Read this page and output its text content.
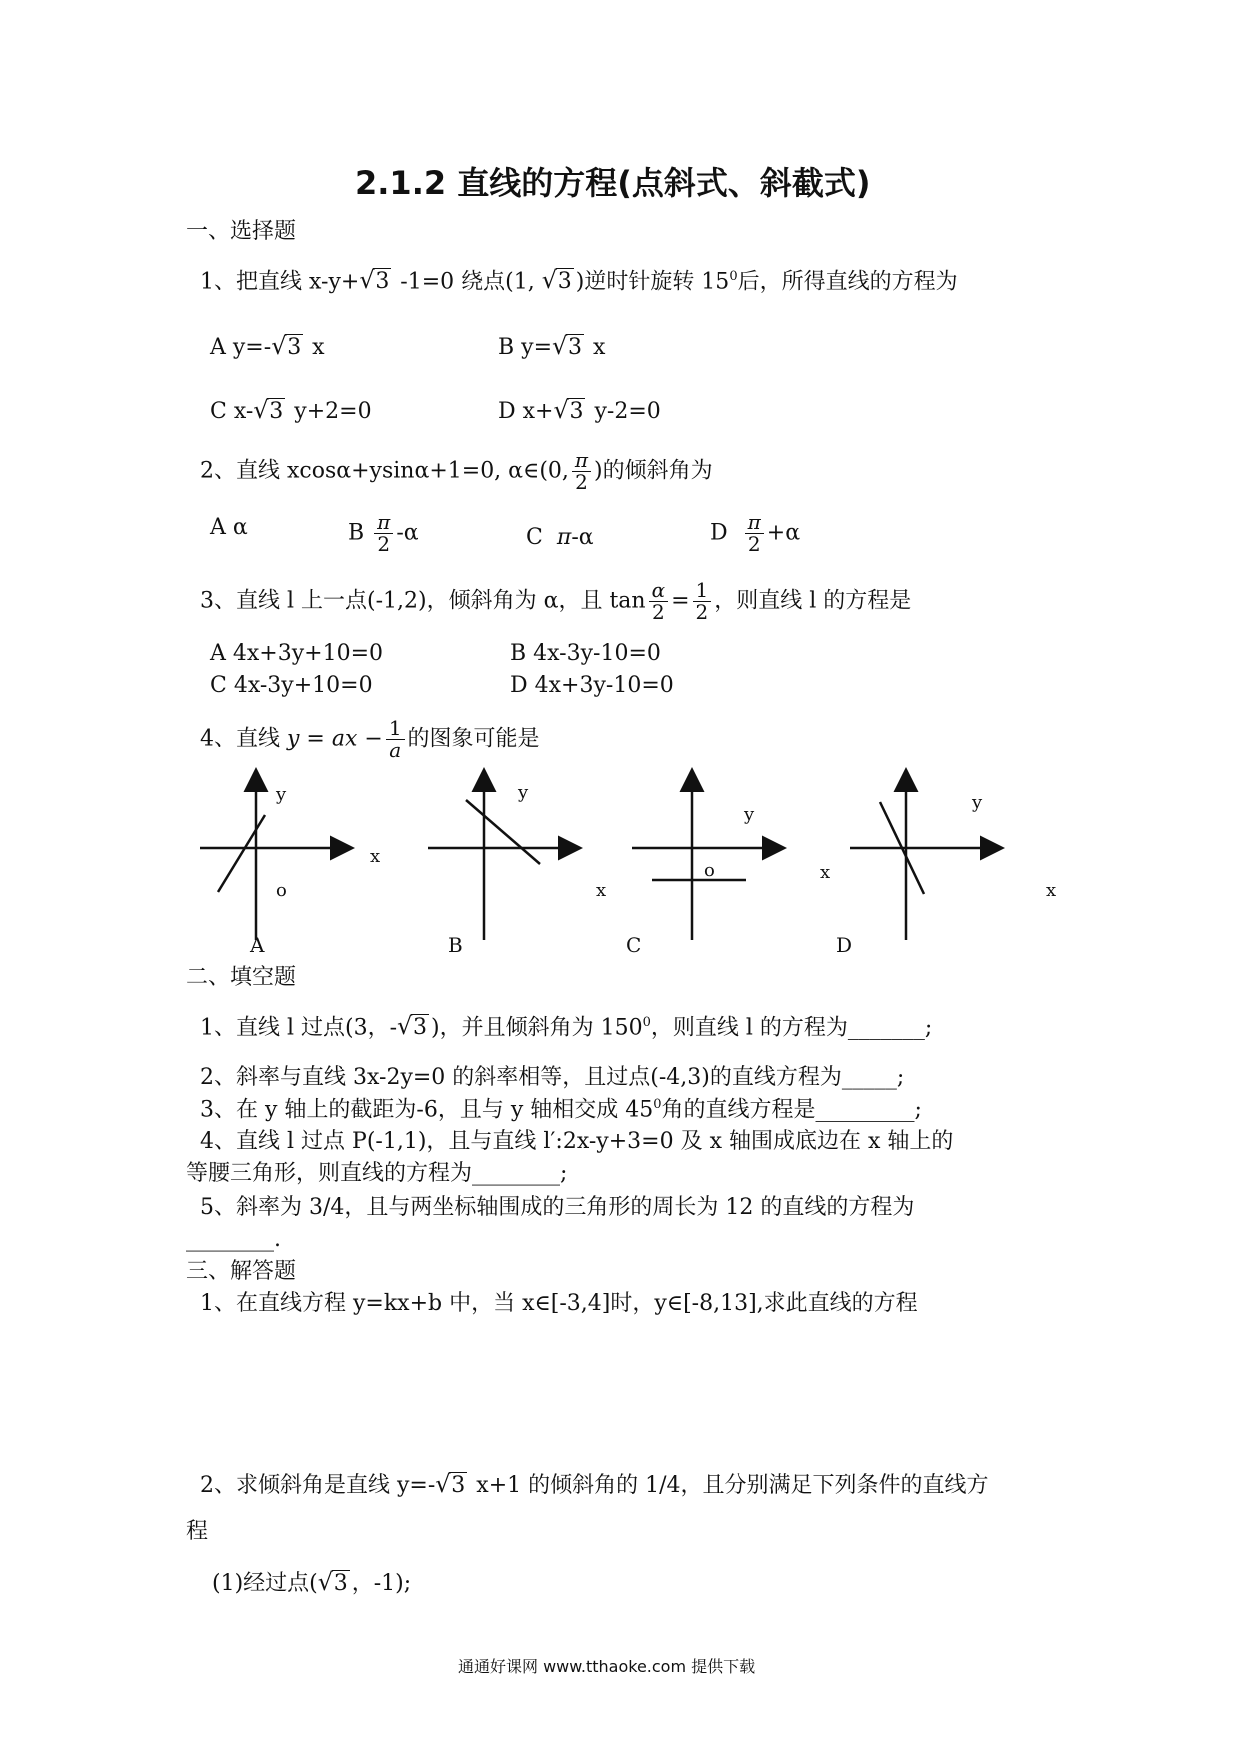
2.1.2 直线的方程(点斜式、斜截式)
一、选择题
1、把直线 x-y+ √ 3 -1=0 绕点(1, √ 3 )逆时针旋转 $15^0$后，所得直线的方程为
A y=- √ 3 x	B y= √ 3 x
C x- √ 3 y+2=0	D x+ √ 3 y-2=0
2、直线 xcosα+ysinα+1=0, α∈(0, $\frac{\pi}{2}$ )的倾斜角为
A α	B $\frac{\pi}{2} -\alpha$	C π-α	D $\frac{\pi}{2} +\alpha$
3、直线 l 上一点(-1,2)，倾斜角为 α，且 $\tan \frac{\alpha}{2} = \frac{1}{2}$ ，则直线 l 的方程是
A 4x+3y+10=0	B 4x-3y-10=0
C 4x-3y+10=0	D 4x+3y-10=0
4、直线 y = ax − $\frac{1}{a}$ 的图象可能是
y
x
o
A
y
x
B
y
o
C
y
x
x
D
二、填空题
1、直线 l 过点(3，- √ 3 )，并且倾斜角为 $150^0$，则直线 l 的方程为_______;
2、斜率与直线 3x-2y=0 的斜率相等，且过点(-4,3)的直线方程为_____;
3、在 y 轴上的截距为-6，且与 y 轴相交成 $45^0$角的直线方程是_________;
4、直线 l 过点 P(-1,1)，且与直线 l′:2x-y+3=0 及 x 轴围成底边在 x 轴上的
等腰三角形，则直线的方程为________;
5、斜率为 3/4，且与两坐标轴围成的三角形的周长为 12 的直线的方程为
________.
三、解答题
1、在直线方程 y=kx+b 中，当 x∈[-3,4]时，y∈[-8,13],求此直线的方程
2、求倾斜角是直线 y=- √ 3 x+1 的倾斜角的 1/4，且分别满足下列条件的直线方
程
(1)经过点( √ 3 ，-1);
通通好课网 www.tthaoke.com 提供下载
